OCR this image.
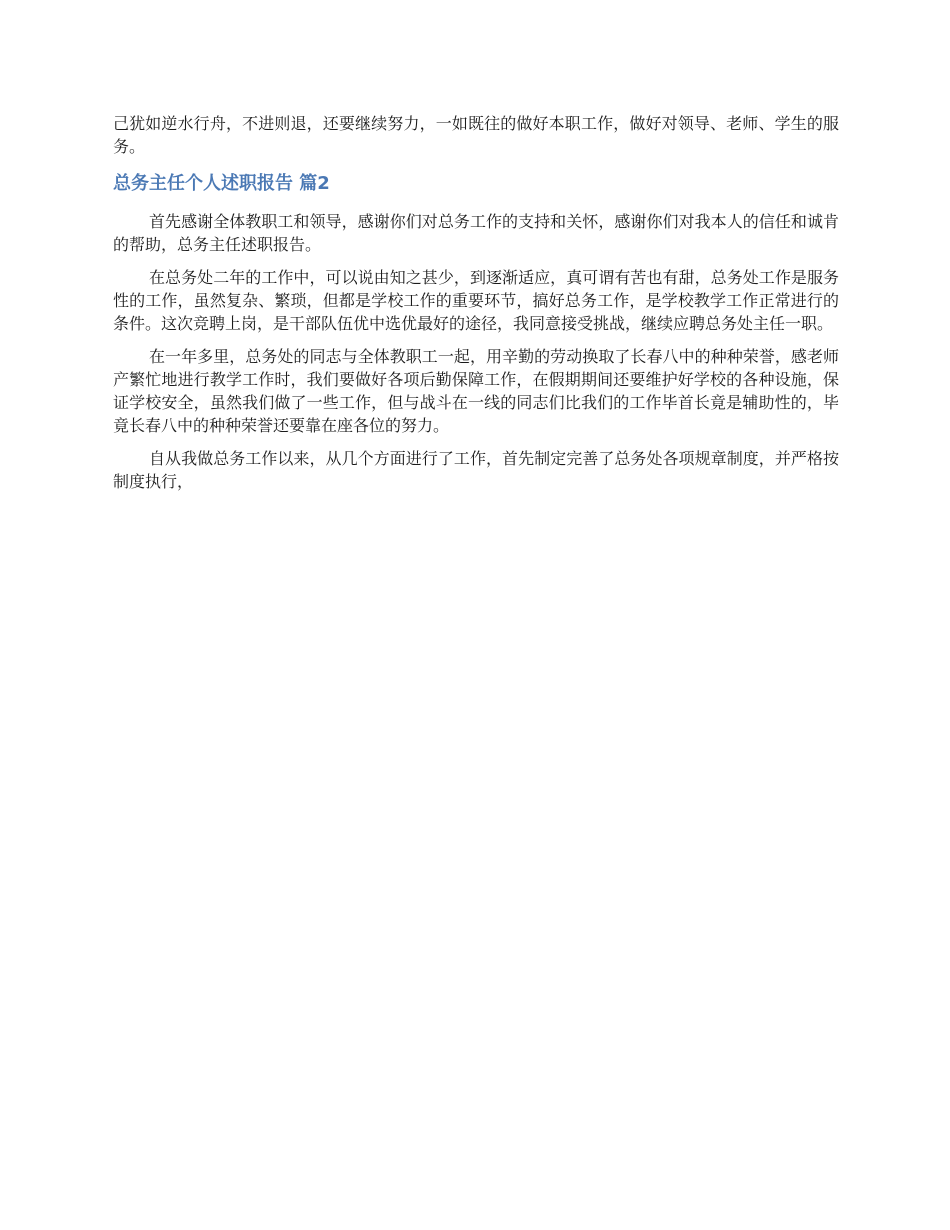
己犹如逆水行舟，不进则退，还要继续努力，一如既往的做好本职工作，做好对领导、老师、学生的服务。

总务主任个人述职报告 篇2

首先感谢全体教职工和领导，感谢你们对总务工作的支持和关怀，感谢你们对我本人的信任和诚肯的帮助，总务主任述职报告。

在总务处二年的工作中，可以说由知之甚少，到逐渐适应，真可谓有苦也有甜，总务处工作是服务性的工作，虽然复杂、繁琐，但都是学校工作的重要环节，搞好总务工作，是学校教学工作正常进行的条件。这次竞聘上岗，是干部队伍优中选优最好的途径，我同意接受挑战，继续应聘总务处主任一职。

在一年多里，总务处的同志与全体教职工一起，用辛勤的劳动换取了长春八中的种种荣誉，感老师产繁忙地进行教学工作时，我们要做好各项后勤保障工作，在假期期间还要维护好学校的各种设施，保证学校安全，虽然我们做了一些工作，但与战斗在一线的同志们比我们的工作毕首长竟是辅助性的，毕竟长春八中的种种荣誉还要靠在座各位的努力。

自从我做总务工作以来，从几个方面进行了工作，首先制定完善了总务处各项规章制度，并严格按制度执行，
